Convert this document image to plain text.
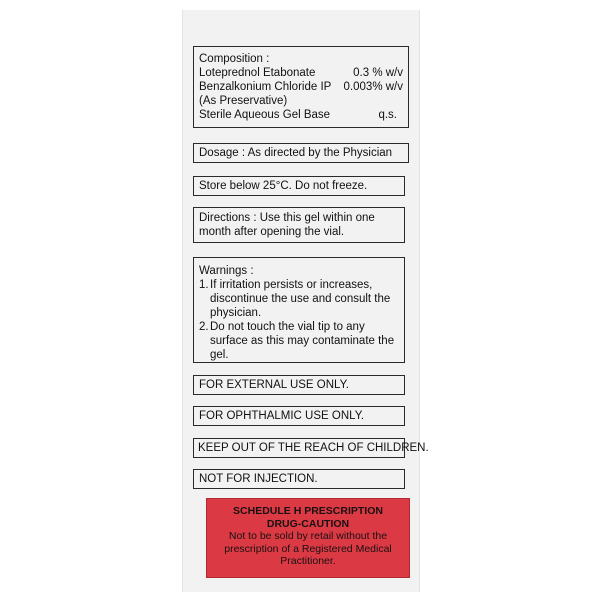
Composition :
Loteprednol Etabonate	0.3 % w/v
Benzalkonium Chloride IP 0.003% w/v
(As Preservative)
Sterile Aqueous Gel Base	q.s.
Dosage : As directed by the Physician
Store below 25°C. Do not freeze.
Directions : Use this gel within one
month after opening the vial.
Warnings :
1. If irritation persists or increases, discontinue the use and consult the physician.
2. Do not touch the vial tip to any surface as this may contaminate the gel.
FOR EXTERNAL USE ONLY.
FOR OPHTHALMIC USE ONLY.
KEEP OUT OF THE REACH OF CHILDREN.
NOT FOR INJECTION.
SCHEDULE H PRESCRIPTION
DRUG-CAUTION
Not to be sold by retail without the prescription of a Registered Medical Practitioner.
